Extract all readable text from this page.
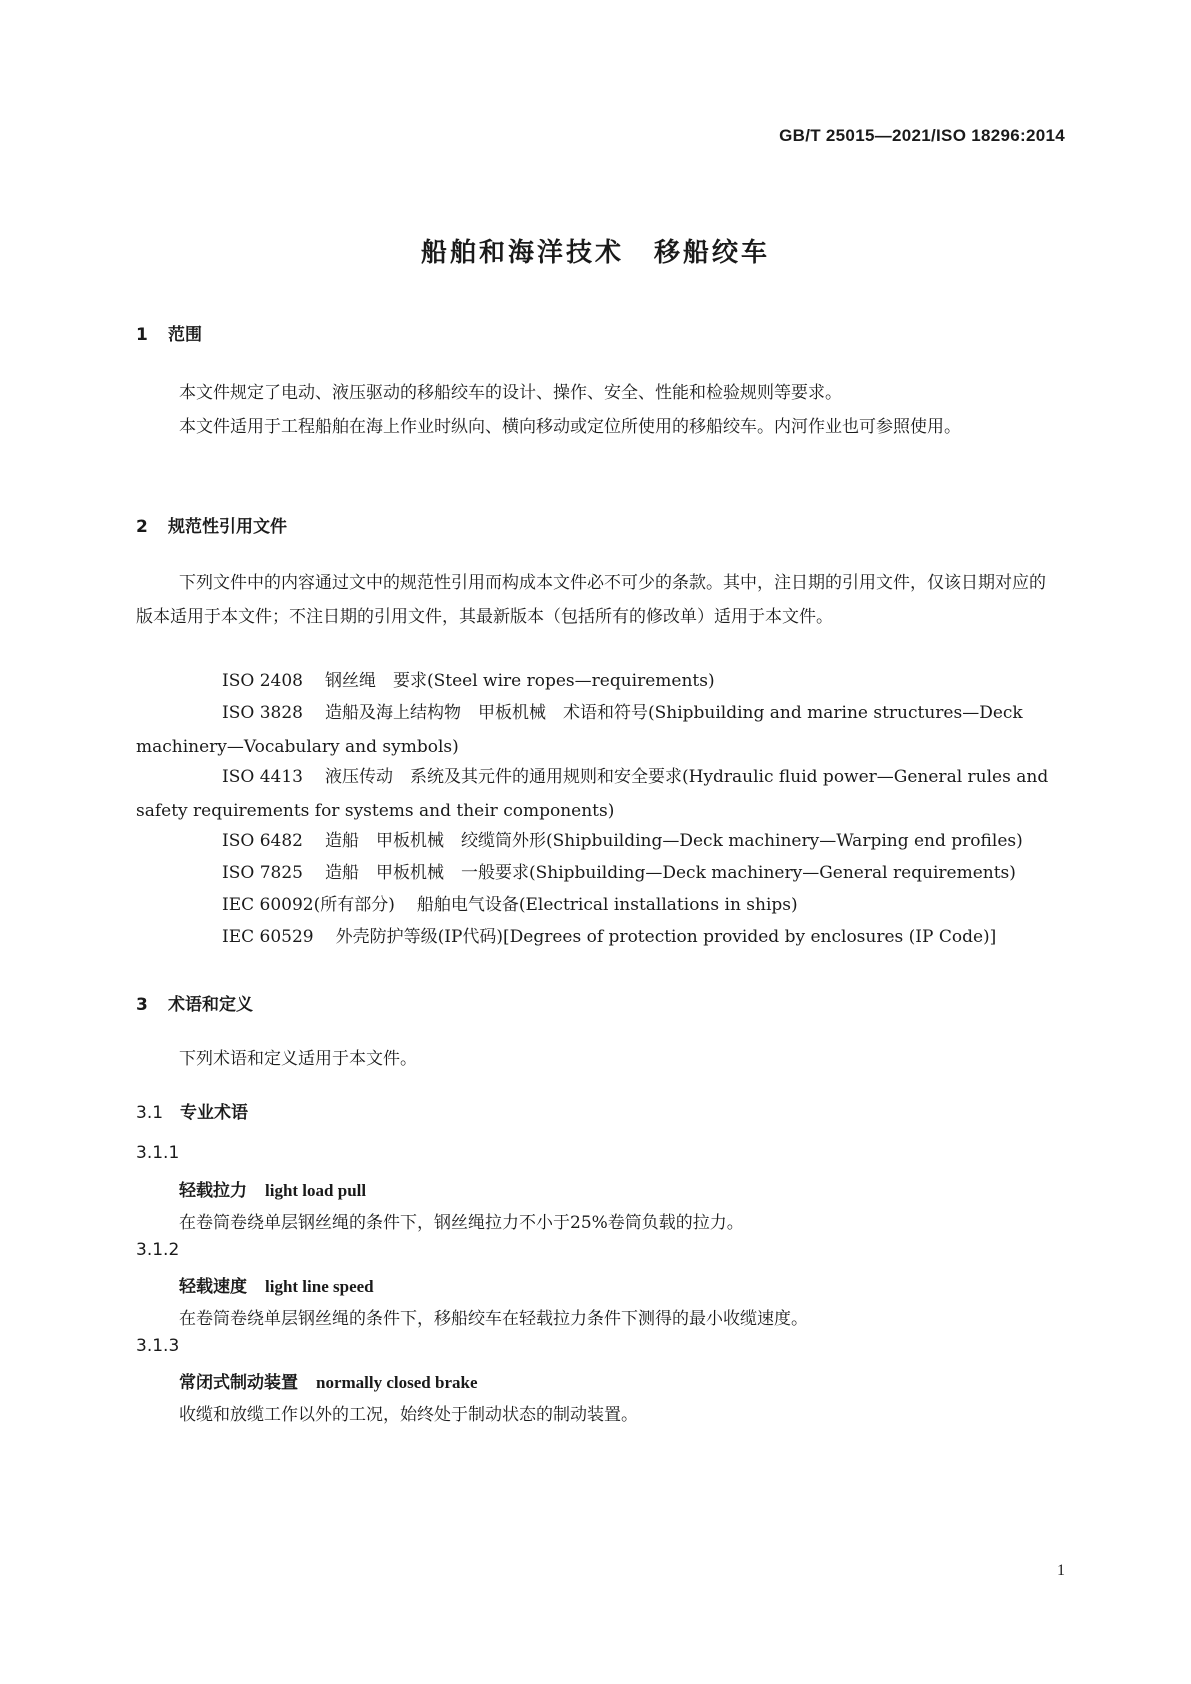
GB/T 25015—2021/ISO 18296:2014
船舶和海洋技术 移船绞车
1 范围
本文件规定了电动、液压驱动的移船绞车的设计、操作、安全、性能和检验规则等要求。
本文件适用于工程船舶在海上作业时纵向、横向移动或定位所使用的移船绞车。内河作业也可参照使用。
2 规范性引用文件
下列文件中的内容通过文中的规范性引用而构成本文件必不可少的条款。其中，注日期的引用文件，仅该日期对应的版本适用于本文件；不注日期的引用文件，其最新版本（包括所有的修改单）适用于本文件。
ISO 2408 钢丝绳　要求(Steel wire ropes—requirements)
ISO 3828 造船及海上结构物　甲板机械　术语和符号(Shipbuilding and marine structures—Deck machinery—Vocabulary and symbols)
ISO 4413 液压传动　系统及其元件的通用规则和安全要求(Hydraulic fluid power—General rules and safety requirements for systems and their components)
ISO 6482 造船　甲板机械　绞缆筒外形(Shipbuilding—Deck machinery—Warping end profiles)
ISO 7825 造船　甲板机械　一般要求(Shipbuilding—Deck machinery—General requirements)
IEC 60092(所有部分) 船舶电气设备(Electrical installations in ships)
IEC 60529 外壳防护等级(IP代码)[Degrees of protection provided by enclosures (IP Code)]
3 术语和定义
下列术语和定义适用于本文件。
3.1 专业术语
3.1.1
轻载拉力 light load pull
在卷筒卷绕单层钢丝绳的条件下，钢丝绳拉力不小于25%卷筒负载的拉力。
3.1.2
轻载速度 light line speed
在卷筒卷绕单层钢丝绳的条件下，移船绞车在轻载拉力条件下测得的最小收缆速度。
3.1.3
常闭式制动装置 normally closed brake
收缆和放缆工作以外的工况，始终处于制动状态的制动装置。
1
